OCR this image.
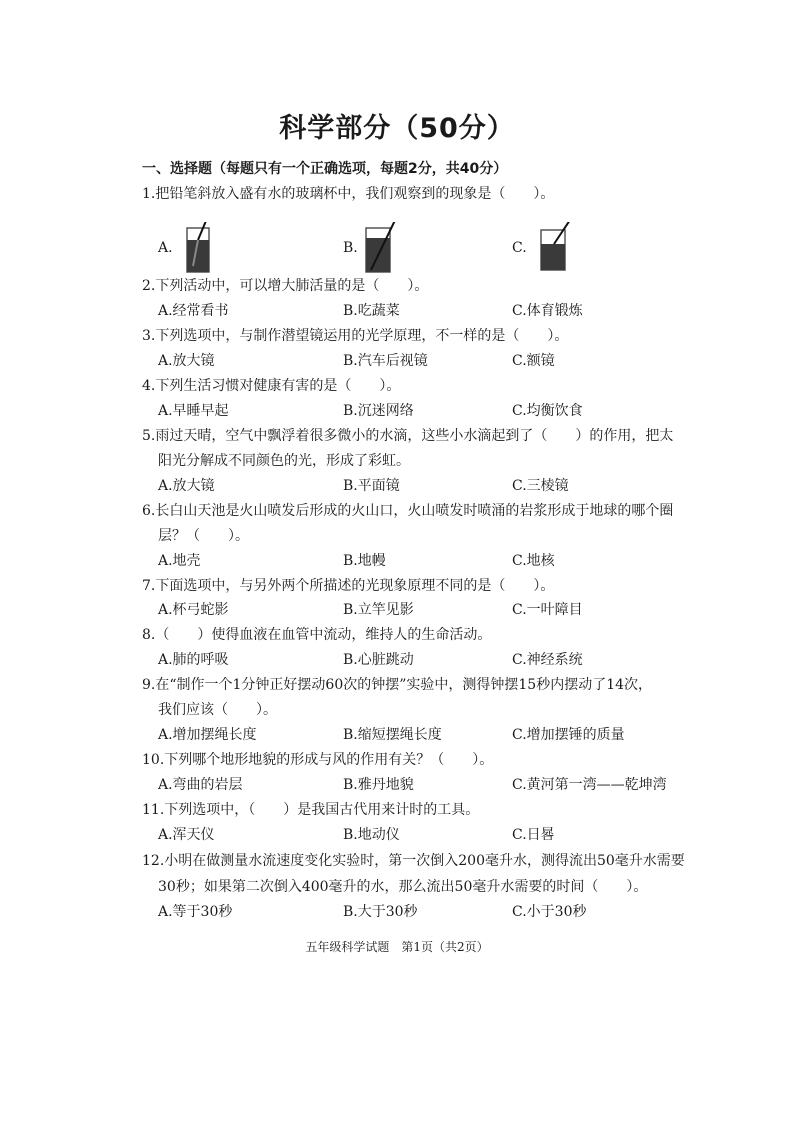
科学部分（50分）
一、选择题（每题只有一个正确选项，每题2分，共40分）
1.把铅笔斜放入盛有水的玻璃杯中，我们观察到的现象是（　　）。
A.	B.	C.
2.下列活动中，可以增大肺活量的是（　　）。
A.经常看书	B.吃蔬菜	C.体育锻炼
3.下列选项中，与制作潜望镜运用的光学原理，不一样的是（　　）。
A.放大镜	B.汽车后视镜	C.额镜
4.下列生活习惯对健康有害的是（　　）。
A.早睡早起	B.沉迷网络	C.均衡饮食
5.雨过天晴，空气中飘浮着很多微小的水滴，这些小水滴起到了（　　）的作用，把太
阳光分解成不同颜色的光，形成了彩虹。
A.放大镜	B.平面镜	C.三棱镜
6.长白山天池是火山喷发后形成的火山口，火山喷发时喷涌的岩浆形成于地球的哪个圈
层？（　　）。
A.地壳	B.地幔	C.地核
7.下面选项中，与另外两个所描述的光现象原理不同的是（　　）。
A.杯弓蛇影	B.立竿见影	C.一叶障目
8.（　　）使得血液在血管中流动，维持人的生命活动。
A.肺的呼吸	B.心脏跳动	C.神经系统
9.在“制作一个1分钟正好摆动60次的钟摆”实验中，测得钟摆15秒内摆动了14次，
我们应该（　　）。
A.增加摆绳长度	B.缩短摆绳长度	C.增加摆锤的质量
10.下列哪个地形地貌的形成与风的作用有关？（　　）。
A.弯曲的岩层	B.雅丹地貌	C.黄河第一湾——乾坤湾
11.下列选项中，（　　）是我国古代用来计时的工具。
A.浑天仪	B.地动仪	C.日晷
12.小明在做测量水流速度变化实验时，第一次倒入200毫升水，测得流出50毫升水需要
30秒；如果第二次倒入400毫升的水，那么流出50毫升水需要的时间（　　）。
A.等于30秒	B.大于30秒	C.小于30秒
五年级科学试题　第1页（共2页）
